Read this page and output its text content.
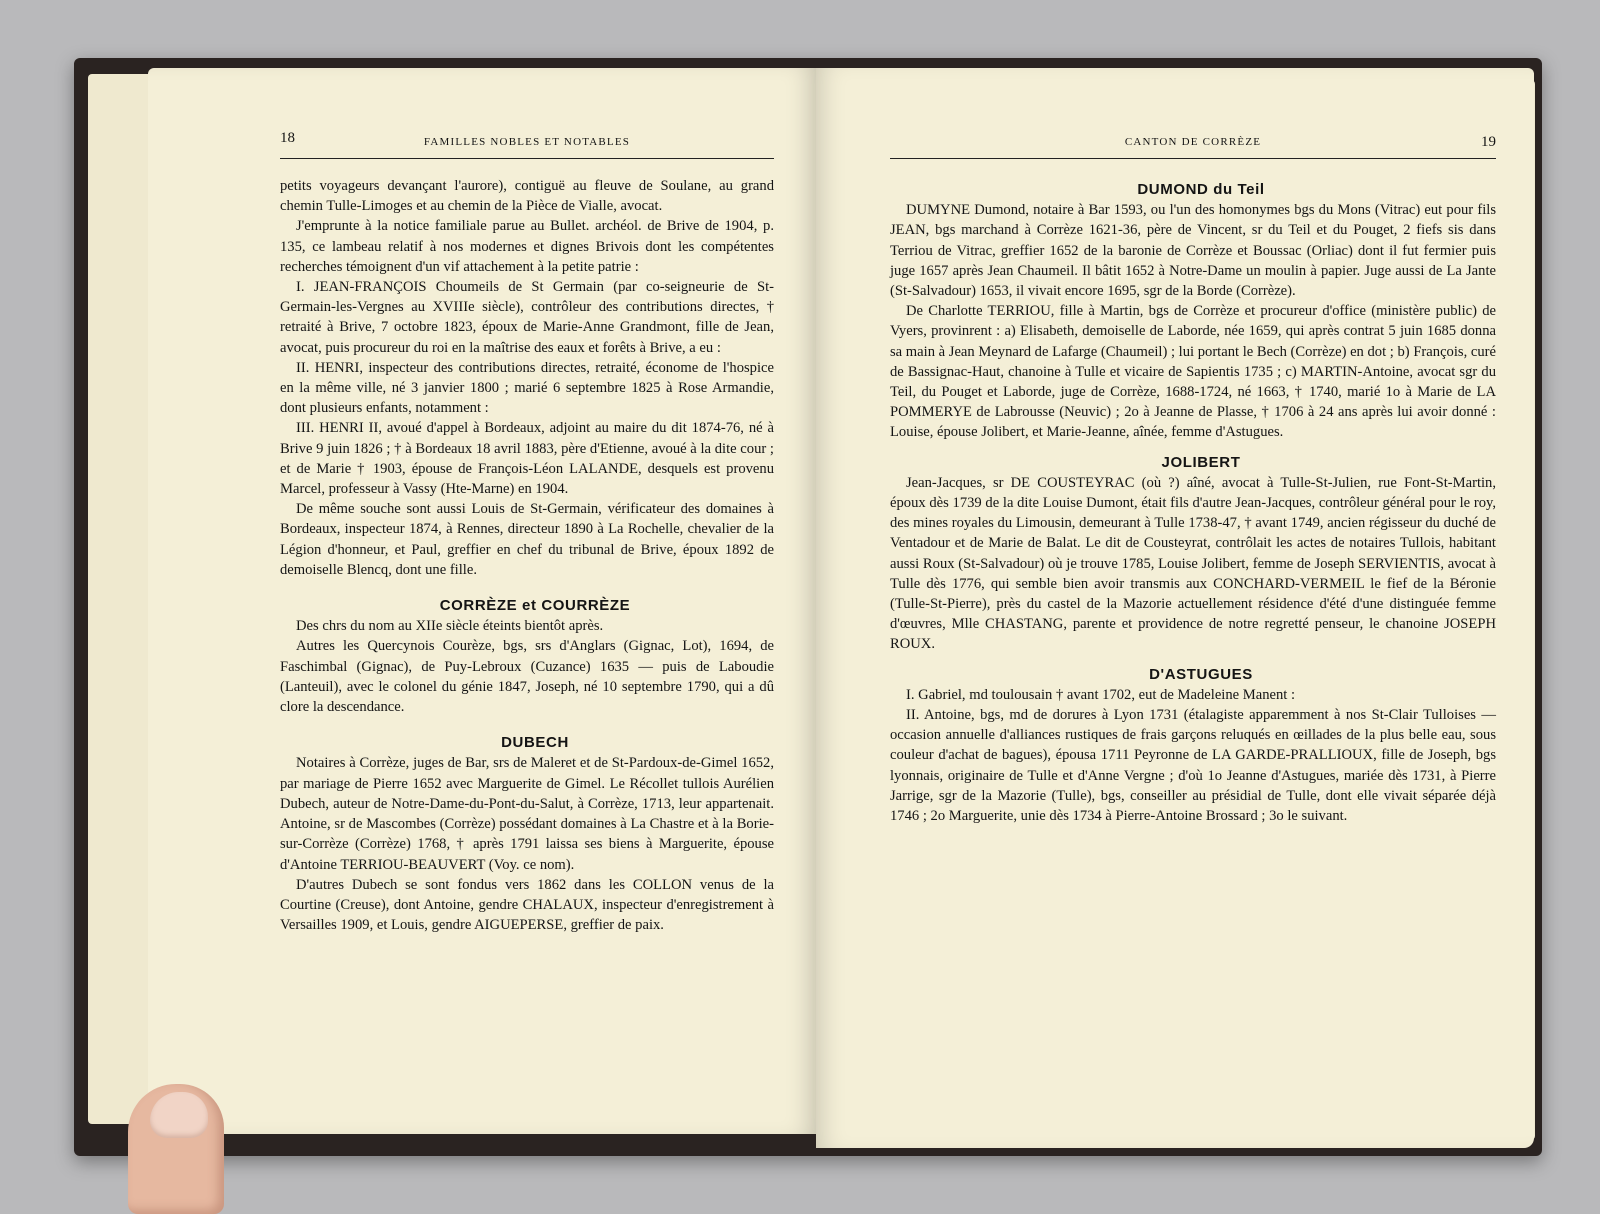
18	FAMILLES NOBLES ET NOTABLES

petits voyageurs devançant l'aurore), contiguë au fleuve de Soulane, au grand chemin Tulle-Limoges et au chemin de la Pièce de Vialle, avocat.

J'emprunte à la notice familiale parue au Bullet. archéol. de Brive de 1904, p. 135, ce lambeau relatif à nos modernes et dignes Brivois dont les compétentes recherches témoignent d'un vif attachement à la petite patrie :

I. JEAN-FRANÇOIS Choumeils de St Germain (par co-seigneurie de St-Germain-les-Vergnes au XVIIIe siècle), contrôleur des contributions directes, † retraité à Brive, 7 octobre 1823, époux de Marie-Anne Grandmont, fille de Jean, avocat, puis procureur du roi en la maîtrise des eaux et forêts à Brive, a eu :

II. HENRI, inspecteur des contributions directes, retraité, économe de l'hospice en la même ville, né 3 janvier 1800 ; marié 6 septembre 1825 à Rose Armandie, dont plusieurs enfants, notamment :

III. HENRI II, avoué d'appel à Bordeaux, adjoint au maire du dit 1874-76, né à Brive 9 juin 1826 ; † à Bordeaux 18 avril 1883, père d'Etienne, avoué à la dite cour ; et de Marie † 1903, épouse de François-Léon LALANDE, desquels est provenu Marcel, professeur à Vassy (Hte-Marne) en 1904.

De même souche sont aussi Louis de St-Germain, vérificateur des domaines à Bordeaux, inspecteur 1874, à Rennes, directeur 1890 à La Rochelle, chevalier de la Légion d'honneur, et Paul, greffier en chef du tribunal de Brive, époux 1892 de demoiselle Blencq, dont une fille.

CORRÈZE et COURRÈZE

Des chrs du nom au XIIe siècle éteints bientôt après.

Autres les Quercynois Courèze, bgs, srs d'Anglars (Gignac, Lot), 1694, de Faschimbal (Gignac), de Puy-Lebroux (Cuzance) 1635 — puis de Laboudie (Lanteuil), avec le colonel du génie 1847, Joseph, né 10 septembre 1790, qui a dû clore la descendance.

DUBECH

Notaires à Corrèze, juges de Bar, srs de Maleret et de St-Pardoux-de-Gimel 1652, par mariage de Pierre 1652 avec Marguerite de Gimel. Le Récollet tullois Aurélien Dubech, auteur de Notre-Dame-du-Pont-du-Salut, à Corrèze, 1713, leur appartenait. Antoine, sr de Mascombes (Corrèze) possédant domaines à La Chastre et à la Borie-sur-Corrèze (Corrèze) 1768, † après 1791 laissa ses biens à Marguerite, épouse d'Antoine TERRIOU-BEAUVERT (Voy. ce nom).

D'autres Dubech se sont fondus vers 1862 dans les COLLON venus de la Courtine (Creuse), dont Antoine, gendre CHALAUX, inspecteur d'enregistrement à Versailles 1909, et Louis, gendre AIGUEPERSE, greffier de paix.

CANTON DE CORRÈZE	19

DUMOND du Teil

DUMYNE Dumond, notaire à Bar 1593, ou l'un des homonymes bgs du Mons (Vitrac) eut pour fils JEAN, bgs marchand à Corrèze 1621-36, père de Vincent, sr du Teil et du Pouget, 2 fiefs sis dans Terriou de Vitrac, greffier 1652 de la baronie de Corrèze et Boussac (Orliac) dont il fut fermier puis juge 1657 après Jean Chaumeil. Il bâtit 1652 à Notre-Dame un moulin à papier. Juge aussi de La Jante (St-Salvadour) 1653, il vivait encore 1695, sgr de la Borde (Corrèze).

De Charlotte TERRIOU, fille à Martin, bgs de Corrèze et procureur d'office (ministère public) de Vyers, provinrent : a) Elisabeth, demoiselle de Laborde, née 1659, qui après contrat 5 juin 1685 donna sa main à Jean Meynard de Lafarge (Chaumeil) ; lui portant le Bech (Corrèze) en dot ; b) François, curé de Bassignac-Haut, chanoine à Tulle et vicaire de Sapientis 1735 ; c) MARTIN-Antoine, avocat sgr du Teil, du Pouget et Laborde, juge de Corrèze, 1688-1724, né 1663, † 1740, marié 1o à Marie de LA POMMERYE de Labrousse (Neuvic) ; 2o à Jeanne de Plasse, † 1706 à 24 ans après lui avoir donné : Louise, épouse Jolibert, et Marie-Jeanne, aînée, femme d'Astugues.

JOLIBERT

Jean-Jacques, sr DE COUSTEYRAC (où ?) aîné, avocat à Tulle-St-Julien, rue Font-St-Martin, époux dès 1739 de la dite Louise Dumont, était fils d'autre Jean-Jacques, contrôleur général pour le roy, des mines royales du Limousin, demeurant à Tulle 1738-47, † avant 1749, ancien régisseur du duché de Ventadour et de Marie de Balat. Le dit de Cousteyrat, contrôlait les actes de notaires Tullois, habitant aussi Roux (St-Salvadour) où je trouve 1785, Louise Jolibert, femme de Joseph SERVIENTIS, avocat à Tulle dès 1776, qui semble bien avoir transmis aux CONCHARD-VERMEIL le fief de la Béronie (Tulle-St-Pierre), près du castel de la Mazorie actuellement résidence d'été d'une distinguée femme d'œuvres, Mlle CHASTANG, parente et providence de notre regretté penseur, le chanoine JOSEPH ROUX.

D'ASTUGUES

I. Gabriel, md toulousain † avant 1702, eut de Madeleine Manent :

II. Antoine, bgs, md de dorures à Lyon 1731 (étalagiste apparemment à nos St-Clair Tulloises — occasion annuelle d'alliances rustiques de frais garçons reluqués en œillades de la plus belle eau, sous couleur d'achat de bagues), épousa 1711 Peyronne de LA GARDE-PRALLIOUX, fille de Joseph, bgs lyonnais, originaire de Tulle et d'Anne Vergne ; d'où 1o Jeanne d'Astugues, mariée dès 1731, à Pierre Jarrige, sgr de la Mazorie (Tulle), bgs, conseiller au présidial de Tulle, dont elle vivait séparée déjà 1746 ; 2o Marguerite, unie dès 1734 à Pierre-Antoine Brossard ; 3o le suivant.
